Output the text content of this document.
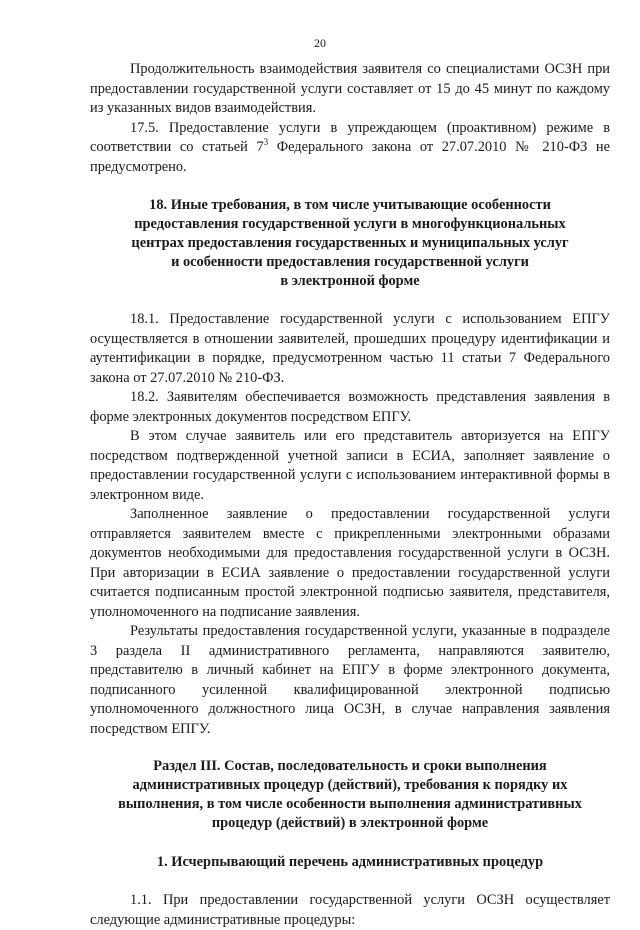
20

Продолжительность взаимодействия заявителя со специалистами ОСЗН при предоставлении государственной услуги составляет от 15 до 45 минут по каждому из указанных видов взаимодействия.

17.5. Предоставление услуги в упреждающем (проактивном) режиме в соответствии со статьей $7^3$ Федерального закона от 27.07.2010 № 210-ФЗ не предусмотрено.

18. Иные требования, в том числе учитывающие особенности
предоставления государственной услуги в многофункциональных
центрах предоставления государственных и муниципальных услуг
и особенности предоставления государственной услуги
в электронной форме

18.1. Предоставление государственной услуги с использованием ЕПГУ осуществляется в отношении заявителей, прошедших процедуру идентификации и аутентификации в порядке, предусмотренном частью 11 статьи 7 Федерального закона от 27.07.2010 № 210-ФЗ.

18.2. Заявителям обеспечивается возможность представления заявления в форме электронных документов посредством ЕПГУ.

В этом случае заявитель или его представитель авторизуется на ЕПГУ посредством подтвержденной учетной записи в ЕСИА, заполняет заявление о предоставлении государственной услуги с использованием интерактивной формы в электронном виде.

Заполненное заявление о предоставлении государственной услуги отправляется заявителем вместе с прикрепленными электронными образами документов необходимыми для предоставления государственной услуги в ОСЗН. При авторизации в ЕСИА заявление о предоставлении государственной услуги считается подписанным простой электронной подписью заявителя, представителя, уполномоченного на подписание заявления.

Результаты предоставления государственной услуги, указанные в подразделе 3 раздела II административного регламента, направляются заявителю, представителю в личный кабинет на ЕПГУ в форме электронного документа, подписанного усиленной квалифицированной электронной подписью уполномоченного должностного лица ОСЗН, в случае направления заявления посредством ЕПГУ.

Раздел III. Состав, последовательность и сроки выполнения
административных процедур (действий), требования к порядку их
выполнения, в том числе особенности выполнения административных
процедур (действий) в электронной форме
1. Исчерпывающий перечень административных процедур

1.1. При предоставлении государственной услуги ОСЗН осуществляет следующие административные процедуры:
